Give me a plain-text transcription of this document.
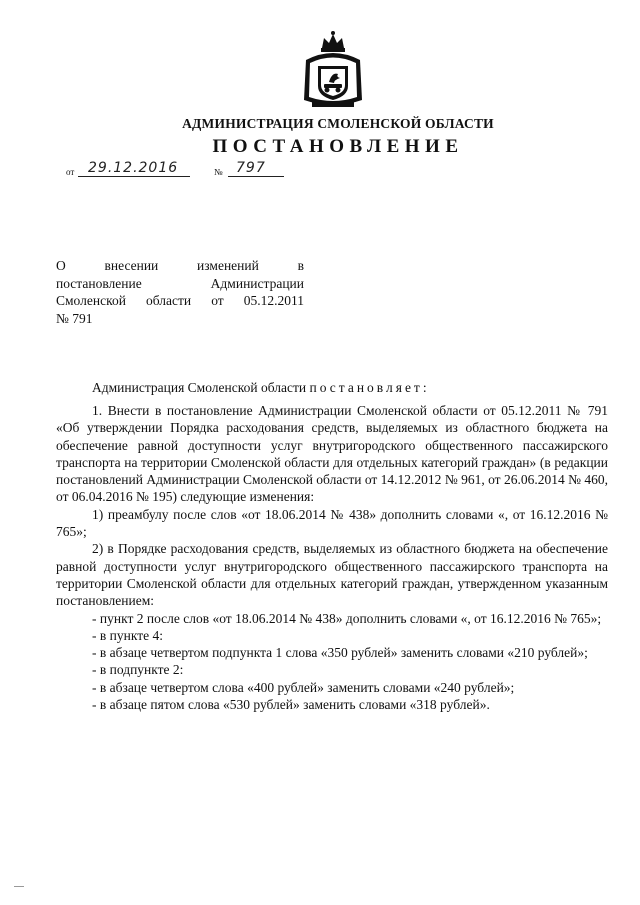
АДМИНИСТРАЦИЯ СМОЛЕНСКОЙ ОБЛАСТИ
ПОСТАНОВЛЕНИЕ
от 29.12.2016	№ 797
О внесении изменений в
постановление Администрации
Смоленской области от 05.12.2011
№ 791
Администрация Смоленской области постановляет:

1. Внести в постановление Администрации Смоленской области от 05.12.2011 № 791 «Об утверждении Порядка расходования средств, выделяемых из областного бюджета на обеспечение равной доступности услуг внутригородского общественного пассажирского транспорта на территории Смоленской области для отдельных категорий граждан» (в редакции постановлений Администрации Смоленской области от 14.12.2012 № 961, от 26.06.2014 № 460, от 06.04.2016 № 195) следующие изменения:

1) преамбулу после слов «от 18.06.2014 № 438» дополнить словами «, от 16.12.2016 № 765»;

2) в Порядке расходования средств, выделяемых из областного бюджета на обеспечение равной доступности услуг внутригородского общественного пассажирского транспорта на территории Смоленской области для отдельных категорий граждан, утвержденном указанным постановлением:

- пункт 2 после слов «от 18.06.2014 № 438» дополнить словами «, от 16.12.2016 № 765»;

- в пункте 4:

- в абзаце четвертом подпункта 1 слова «350 рублей» заменить словами «210 рублей»;

- в подпункте 2:

- в абзаце четвертом слова «400 рублей» заменить словами «240 рублей»;

- в абзаце пятом слова «530 рублей» заменить словами «318 рублей».
